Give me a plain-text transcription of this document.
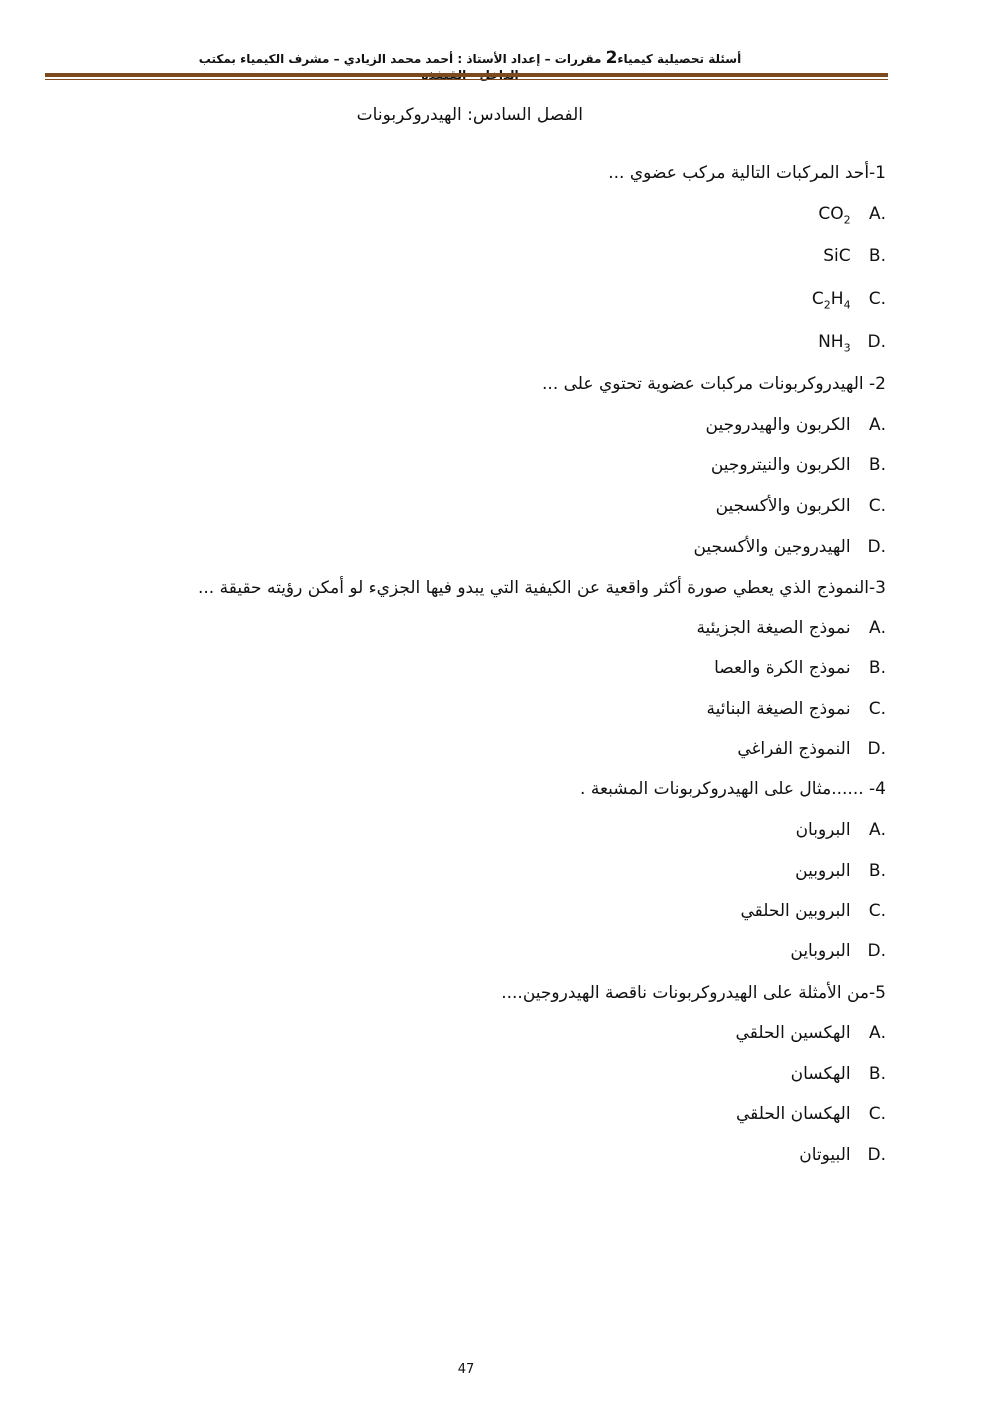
أسئلة تحصيلية كيمياء2 مقررات – إعداد الأستاذ : أحمد محمد الزيادي – مشرف الكيمياء بمكتب
الفصل السادس: الهيدروكربونات
1-أحد المركبات التالية مركب عضوي ...
.A $CO_2$
.B SiC
.C $C_2H_4$
.D $NH_3$
2- الهيدروكربونات مركبات عضوية تحتوي على ...
.A الكربون والهيدروجين
.B الكربون والنيتروجين
.C الكربون والأكسجين
.D الهيدروجين والأكسجين
3-النموذج الذي يعطي صورة أكثر واقعية عن الكيفية التي يبدو فيها الجزيء لو أمكن رؤيته حقيقة ...
.A نموذج الصيغة الجزيئية
.B نموذج الكرة والعصا
.C نموذج الصيغة البنائية
.D النموذج الفراغي
4- ......مثال على الهيدروكربونات المشبعة .
.A البروبان
.B البروبين
.C البروبين الحلقي
.D البروباين
5-من الأمثلة على الهيدروكربونات ناقصة الهيدروجين....
.A الهكسين الحلقي
.B الهكسان
.C الهكسان الحلقي
.D البيوتان
47
